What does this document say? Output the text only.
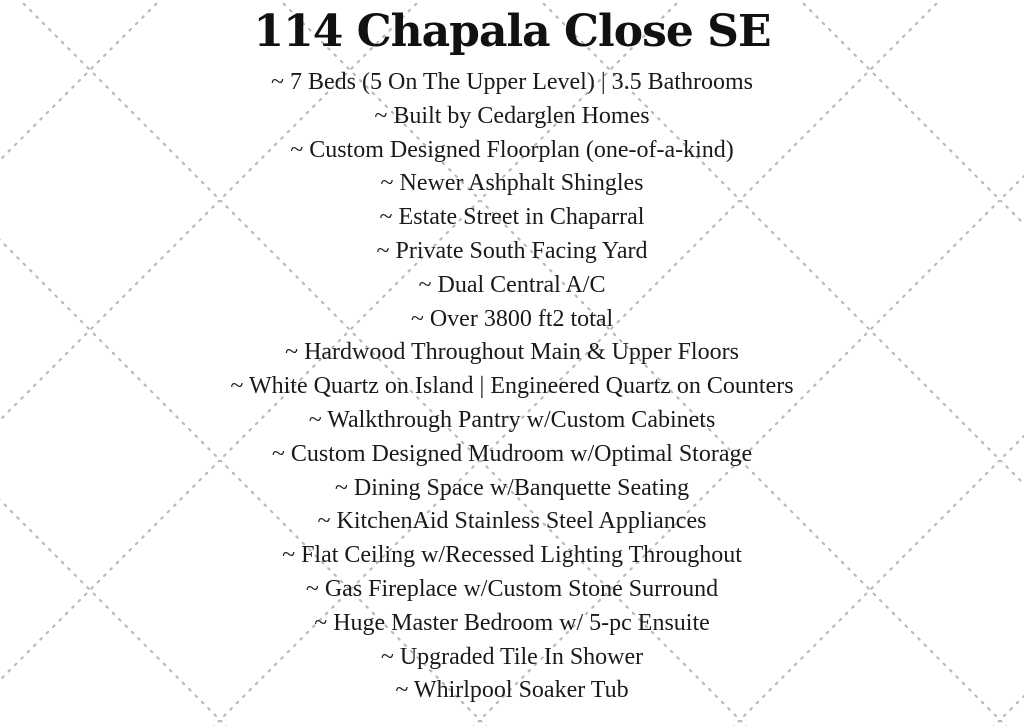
114 Chapala Close SE
~ 7 Beds (5 On The Upper Level) | 3.5 Bathrooms
~ Built by Cedarglen Homes
~ Custom Designed Floorplan (one-of-a-kind)
~ Newer Ashphalt Shingles
~ Estate Street in Chaparral
~ Private South Facing Yard
~ Dual Central A/C
~ Over 3800 ft2 total
~ Hardwood Throughout Main & Upper Floors
~ White Quartz on Island | Engineered Quartz on Counters
~ Walkthrough Pantry w/Custom Cabinets
~ Custom Designed Mudroom w/Optimal Storage
~ Dining Space w/Banquette Seating
~ KitchenAid Stainless Steel Appliances
~ Flat Ceiling w/Recessed Lighting Throughout
~ Gas Fireplace w/Custom Stone Surround
~ Huge Master Bedroom w/ 5-pc Ensuite
~ Upgraded Tile In Shower
~ Whirlpool Soaker Tub
